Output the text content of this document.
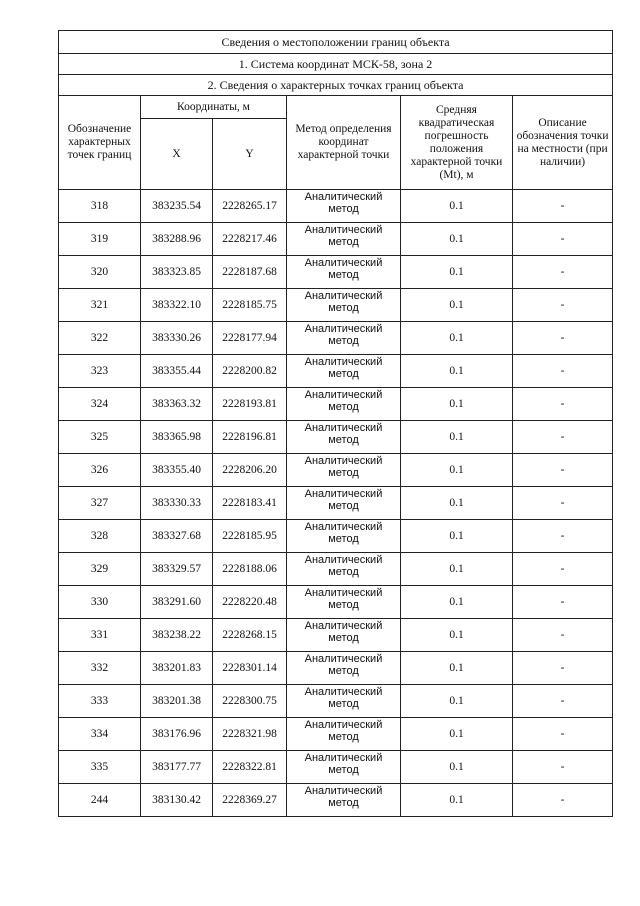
Сведения о местоположении границ объекта					
1. Система координат МСК-58, зона 2					
2. Сведения о характерных точках границ объекта					
Обозначение характерных точек границ	Координаты, м		Метод определения координат характерной точки	Средняя квадратическая погрешность положения характерной точки (Mt), м	Описание обозначения точки на местности (при наличии)
	X	Y			
318	383235.54	2228265.17	Аналитический метод	0.1	-
319	383288.96	2228217.46	Аналитический метод	0.1	-
320	383323.85	2228187.68	Аналитический метод	0.1	-
321	383322.10	2228185.75	Аналитический метод	0.1	-
322	383330.26	2228177.94	Аналитический метод	0.1	-
323	383355.44	2228200.82	Аналитический метод	0.1	-
324	383363.32	2228193.81	Аналитический метод	0.1	-
325	383365.98	2228196.81	Аналитический метод	0.1	-
326	383355.40	2228206.20	Аналитический метод	0.1	-
327	383330.33	2228183.41	Аналитический метод	0.1	-
328	383327.68	2228185.95	Аналитический метод	0.1	-
329	383329.57	2228188.06	Аналитический метод	0.1	-
330	383291.60	2228220.48	Аналитический метод	0.1	-
331	383238.22	2228268.15	Аналитический метод	0.1	-
332	383201.83	2228301.14	Аналитический метод	0.1	-
333	383201.38	2228300.75	Аналитический метод	0.1	-
334	383176.96	2228321.98	Аналитический метод	0.1	-
335	383177.77	2228322.81	Аналитический метод	0.1	-
244	383130.42	2228369.27	Аналитический метод	0.1	-
